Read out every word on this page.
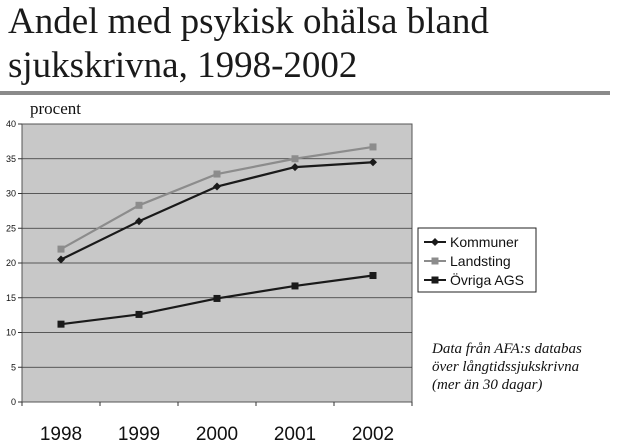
Andel med psykisk ohälsa bland
sjukskrivna, 1998-2002
procent
0
5
10
15
20
25
30
35
40
1998 1999 2000 2001 2002
Kommuner
Landsting
Övriga AGS
Data från AFA:s databas
över långtidssjukskrivna
(mer än 30 dagar)
